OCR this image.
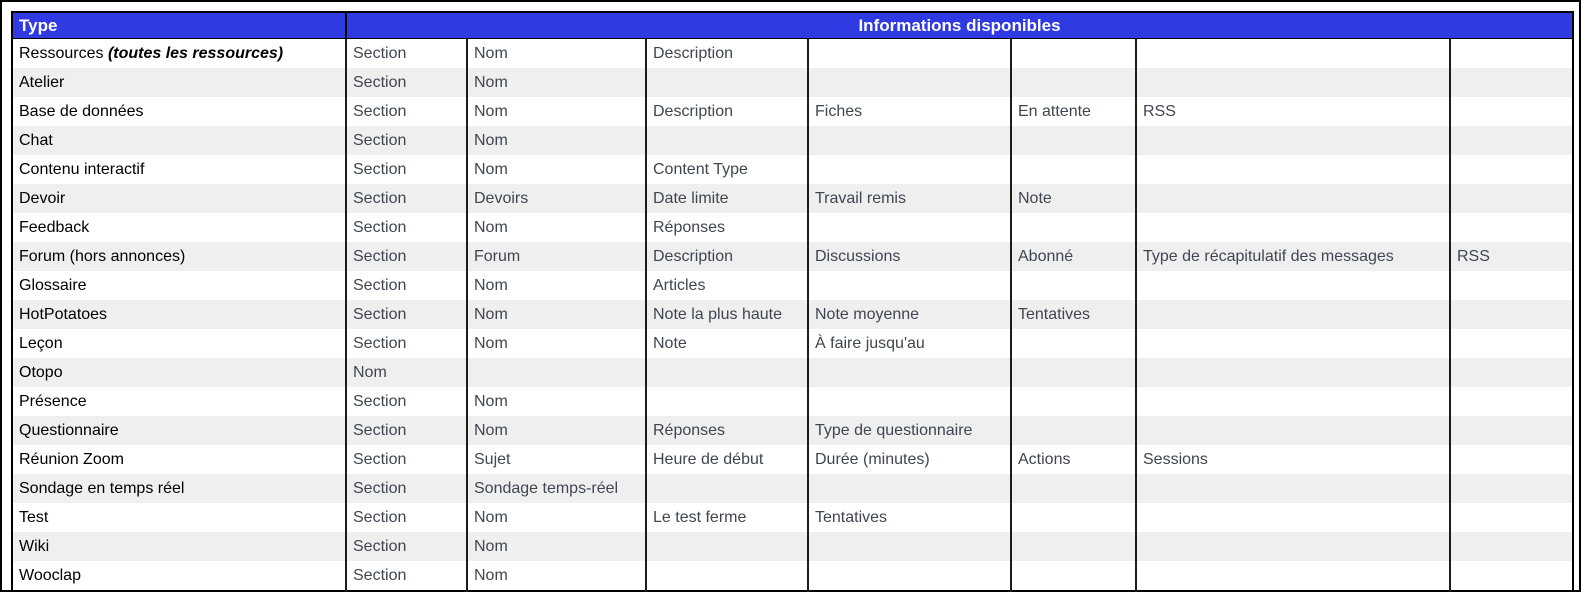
Type	Informations disponibles						
Ressources (toutes les ressources)	Section	Nom	Description				
Atelier	Section	Nom					
Base de données	Section	Nom	Description	Fiches	En attente	RSS	
Chat	Section	Nom					
Contenu interactif	Section	Nom	Content Type				
Devoir	Section	Devoirs	Date limite	Travail remis	Note		
Feedback	Section	Nom	Réponses				
Forum (hors annonces)	Section	Forum	Description	Discussions	Abonné	Type de récapitulatif des messages	RSS
Glossaire	Section	Nom	Articles				
HotPotatoes	Section	Nom	Note la plus haute	Note moyenne	Tentatives		
Leçon	Section	Nom	Note	À faire jusqu'au			
Otopo	Nom						
Présence	Section	Nom					
Questionnaire	Section	Nom	Réponses	Type de questionnaire			
Réunion Zoom	Section	Sujet	Heure de début	Durée (minutes)	Actions	Sessions	
Sondage en temps réel	Section	Sondage temps-réel					
Test	Section	Nom	Le test ferme	Tentatives			
Wiki	Section	Nom					
Wooclap	Section	Nom					
